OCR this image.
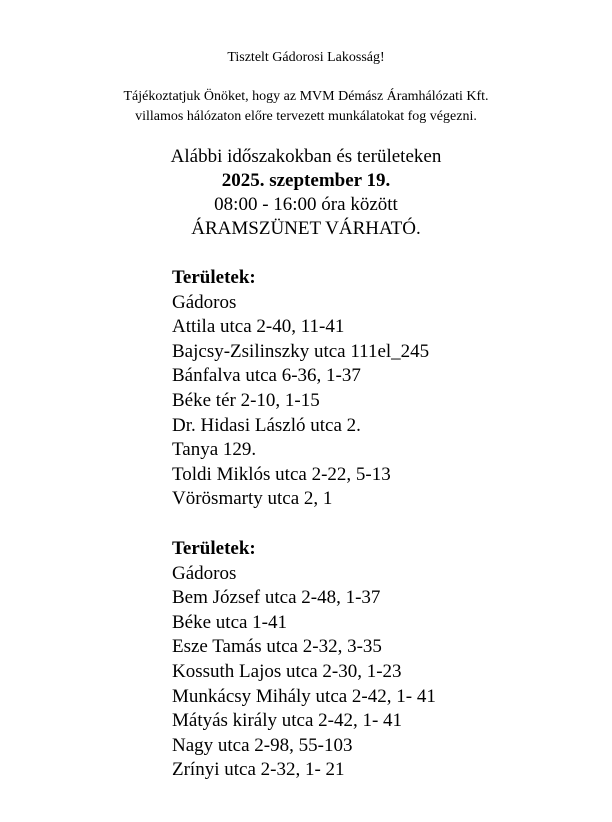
Tisztelt Gádorosi Lakosság!
Tájékoztatjuk Önöket, hogy az MVM Démász Áramhálózati Kft.
villamos hálózaton előre tervezett munkálatokat fog végezni.
Alábbi időszakokban és területeken
2025. szeptember 19.
08:00 - 16:00 óra között
ÁRAMSZÜNET VÁRHATÓ.
Területek:
Gádoros
Attila utca 2-40, 11-41
Bajcsy-Zsilinszky utca 111el_245
Bánfalva utca 6-36, 1-37
Béke tér 2-10, 1-15
Dr. Hidasi László utca 2.
Tanya 129.
Toldi Miklós utca 2-22, 5-13
Vörösmarty utca 2, 1
Területek:
Gádoros
Bem József utca 2-48, 1-37
Béke utca 1-41
Esze Tamás utca 2-32, 3-35
Kossuth Lajos utca 2-30, 1-23
Munkácsy Mihály utca 2-42, 1- 41
Mátyás király utca 2-42, 1- 41
Nagy utca 2-98, 55-103
Zrínyi utca 2-32, 1- 21
